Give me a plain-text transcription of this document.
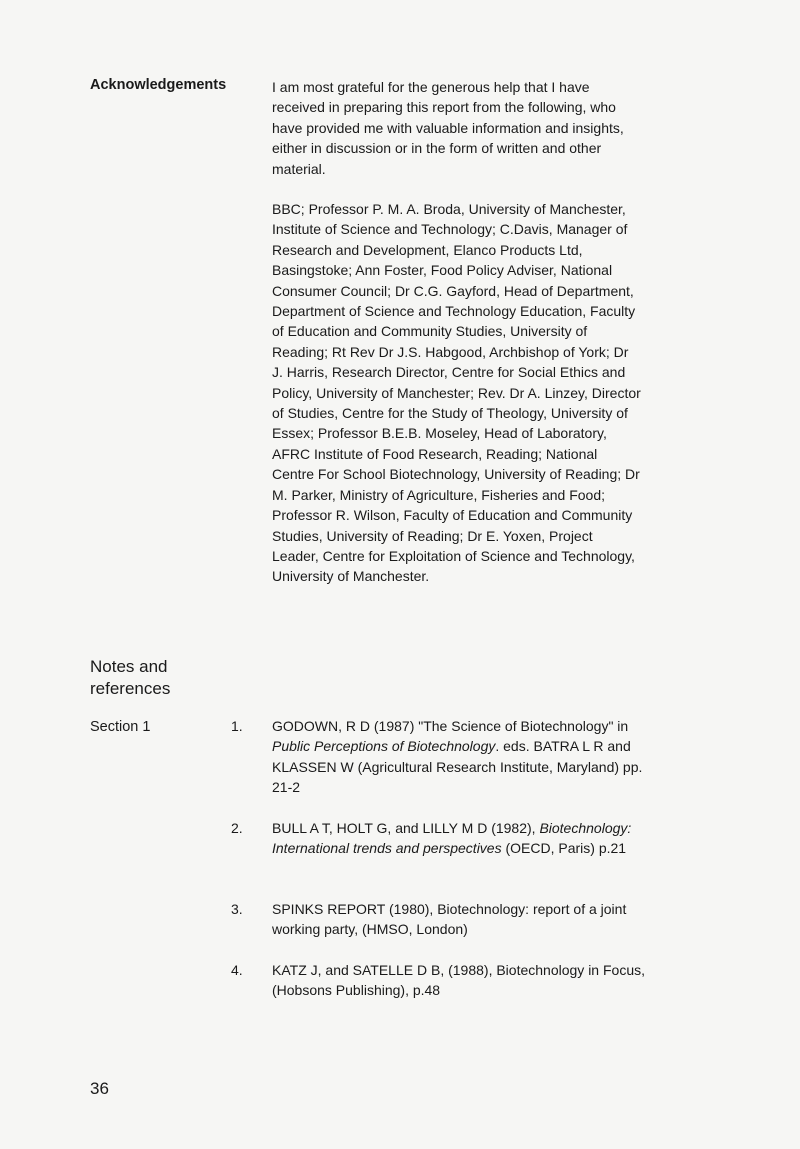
Acknowledgements	I am most grateful for the generous help that I have received in preparing this report from the following, who have provided me with valuable information and insights, either in discussion or in the form of written and other material.
BBC; Professor P. M. A. Broda, University of Manchester, Institute of Science and Technology; C.Davis, Manager of Research and Development, Elanco Products Ltd, Basingstoke; Ann Foster, Food Policy Adviser, National Consumer Council; Dr C.G. Gayford, Head of Department, Department of Science and Technology Education, Faculty of Education and Community Studies, University of Reading; Rt Rev Dr J.S. Habgood, Archbishop of York; Dr J. Harris, Research Director, Centre for Social Ethics and Policy, University of Manchester; Rev. Dr A. Linzey, Director of Studies, Centre for the Study of Theology, University of Essex; Professor B.E.B. Moseley, Head of Laboratory, AFRC Institute of Food Research, Reading; National Centre For School Biotechnology, University of Reading; Dr M. Parker, Ministry of Agriculture, Fisheries and Food; Professor R. Wilson, Faculty of Education and Community Studies, University of Reading; Dr E. Yoxen, Project Leader, Centre for Exploitation of Science and Technology, University of Manchester.
Notes and references
Section 1	1.	GODOWN, R D (1987) "The Science of Biotechnology" in Public Perceptions of Biotechnology. eds. BATRA L R and KLASSEN W (Agricultural Research Institute, Maryland) pp. 21-2
2.	BULL A T, HOLT G, and LILLY M D (1982), Biotechnology: International trends and perspectives (OECD, Paris) p.21
3.	SPINKS REPORT (1980), Biotechnology: report of a joint working party, (HMSO, London)
4.	KATZ J, and SATELLE D B, (1988), Biotechnology in Focus, (Hobsons Publishing), p.48
36
